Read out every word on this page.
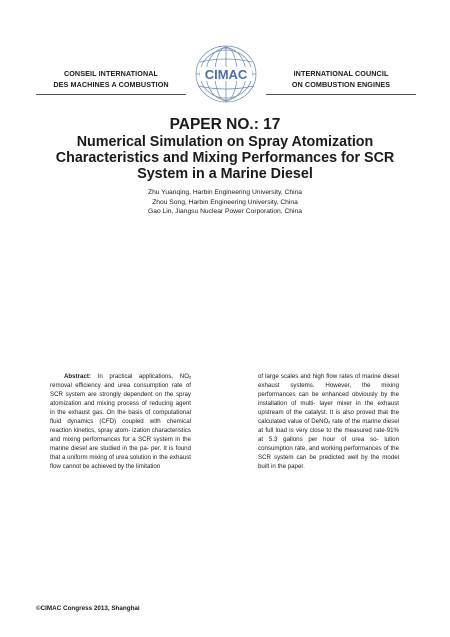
CONSEIL INTERNATIONAL
DES MACHINES A COMBUSTION
CIMAC	INTERNATIONAL COUNCIL
ON COMBUSTION ENGINES
PAPER NO.: 17
Numerical Simulation on Spray Atomization
Characteristics and Mixing Performances for SCR
System in a Marine Diesel
Zhu Yuanqing, Harbin Engineering University, China
Zhou Song, Harbin Engineering University, China
Gao Lin, Jiangsu Nuclear Power Corporation, China

Abstract: In practical applications, NOₓ removal efficiency and urea consumption rate of SCR system are strongly dependent on the spray atomization and mixing process of reducing agent in the exhaust gas. On the basis of computational fluid dynamics (CFD) coupled with chemical reaction kinetics, spray atom- ization characteristics and mixing performances for a SCR system in the marine diesel are studied in the pa- per. It is found that a uniform mixing of urea solution in the exhaust flow cannot be achieved by the limitation

of large scales and high flow rates of marine diesel exhaust systems. However, the mixing performances can be enhanced obviously by the installation of multi- layer mixer in the exhaust upstream of the catalyst. It is also proved that the calculated value of DeNOₓ rate of the marine diesel at full load is very close to the measured rate-91% at 5.3 gallons per hour of urea so- lution consumption rate, and working performances of the SCR system can be predicted well by the model built in the paper.

©CIMAC Congress 2013, Shanghai
